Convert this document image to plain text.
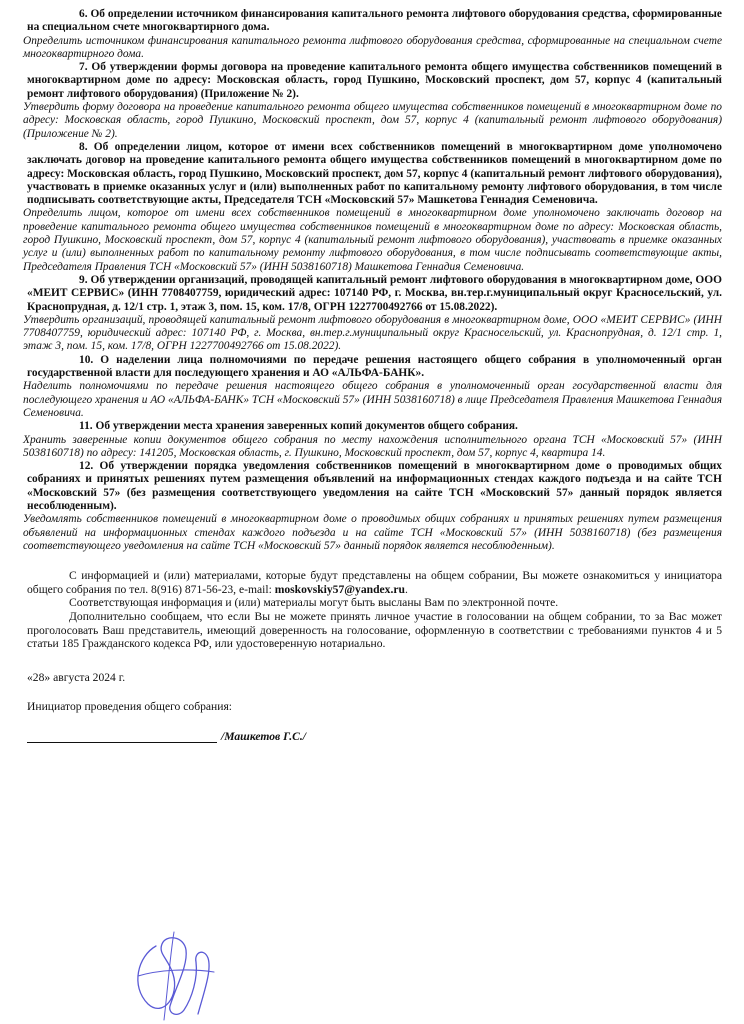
6. Об определении источником финансирования капитального ремонта лифтового оборудования средства, сформированные на специальном счете многоквартирного дома.

Определить источником финансирования капитального ремонта лифтового оборудования средства, сформированные на специальном счете многоквартирного дома.

7. Об утверждении формы договора на проведение капитального ремонта общего имущества собственников помещений в многоквартирном доме по адресу: Московская область, город Пушкино, Московский проспект, дом 57, корпус 4 (капитальный ремонт лифтового оборудования) (Приложение № 2).

Утвердить форму договора на проведение капитального ремонта общего имущества собственников помещений в многоквартирном доме по адресу: Московская область, город Пушкино, Московский проспект, дом 57, корпус 4 (капитальный ремонт лифтового оборудования) (Приложение № 2).

8. Об определении лицом, которое от имени всех собственников помещений в многоквартирном доме уполномочено заключать договор на проведение капитального ремонта общего имущества собственников помещений в многоквартирном доме по адресу: Московская область, город Пушкино, Московский проспект, дом 57, корпус 4 (капитальный ремонт лифтового оборудования), участвовать в приемке оказанных услуг и (или) выполненных работ по капитальному ремонту лифтового оборудования, в том числе подписывать соответствующие акты, Председателя ТСН «Московский 57» Машкетова Геннадия Семеновича.

Определить лицом, которое от имени всех собственников помещений в многоквартирном доме уполномочено заключать договор на проведение капитального ремонта общего имущества собственников помещений в многоквартирном доме по адресу: Московская область, город Пушкино, Московский проспект, дом 57, корпус 4 (капитальный ремонт лифтового оборудования), участвовать в приемке оказанных услуг и (или) выполненных работ по капитальному ремонту лифтового оборудования, в том числе подписывать соответствующие акты, Председателя Правления ТСН «Московский 57» (ИНН 5038160718) Машкетова Геннадия Семеновича.

9. Об утверждении организаций, проводящей капитальный ремонт лифтового оборудования в многоквартирном доме, ООО «МЕИТ СЕРВИС» (ИНН 7708407759, юридический адрес: 107140 РФ, г. Москва, вн.тер.г.муниципальный округ Красносельский, ул. Краснопрудная, д. 12/1 стр. 1, этаж 3, пом. 15, ком. 17/8, ОГРН 1227700492766 от 15.08.2022).

Утвердить организаций, проводящей капитальный ремонт лифтового оборудования в многоквартирном доме, ООО «МЕИТ СЕРВИС» (ИНН 7708407759, юридический адрес: 107140 РФ, г. Москва, вн.тер.г.муниципальный округ Красносельский, ул. Краснопрудная, д. 12/1 стр. 1, этаж 3, пом. 15, ком. 17/8, ОГРН 1227700492766 от 15.08.2022).

10. О наделении лица полномочиями по передаче решения настоящего общего собрания в уполномоченный орган государственной власти для последующего хранения и АО «АЛЬФА-БАНК».

Наделить полномочиями по передаче решения настоящего общего собрания в уполномоченный орган государственной власти для последующего хранения и АО «АЛЬФА-БАНК» ТСН «Московский 57» (ИНН 5038160718) в лице Председателя Правления Машкетова Геннадия Семеновича.

11. Об утверждении места хранения заверенных копий документов общего собрания.

Хранить заверенные копии документов общего собрания по месту нахождения исполнительного органа ТСН «Московский 57» (ИНН 5038160718) по адресу: 141205, Московская область, г. Пушкино, Московский проспект, дом 57, корпус 4, квартира 14.

12. Об утверждении порядка уведомления собственников помещений в многоквартирном доме о проводимых общих собраниях и принятых решениях путем размещения объявлений на информационных стендах каждого подъезда и на сайте ТСН «Московский 57» (без размещения соответствующего уведомления на сайте ТСН «Московский 57» данный порядок является несоблюденным).

Уведомлять собственников помещений в многоквартирном доме о проводимых общих собраниях и принятых решениях путем размещения объявлений на информационных стендах каждого подъезда и на сайте ТСН «Московский 57» (ИНН 5038160718) (без размещения соответствующего уведомления на сайте ТСН «Московский 57» данный порядок является несоблюденным).

С информацией и (или) материалами, которые будут представлены на общем собрании, Вы можете ознакомиться у инициатора общего собрания по тел. 8(916) 871-56-23, e-mail: moskovskiy57@yandex.ru.

Соответствующая информация и (или) материалы могут быть высланы Вам по электронной почте.

Дополнительно сообщаем, что если Вы не можете принять личное участие в голосовании на общем собрании, то за Вас может проголосовать Ваш представитель, имеющий доверенность на голосование, оформленную в соответствии с требованиями пунктов 4 и 5 статьи 185 Гражданского кодекса РФ, или удостоверенную нотариально.

«28» августа 2024 г.

Инициатор проведения общего собрания:

/Машкетов Г.С./
